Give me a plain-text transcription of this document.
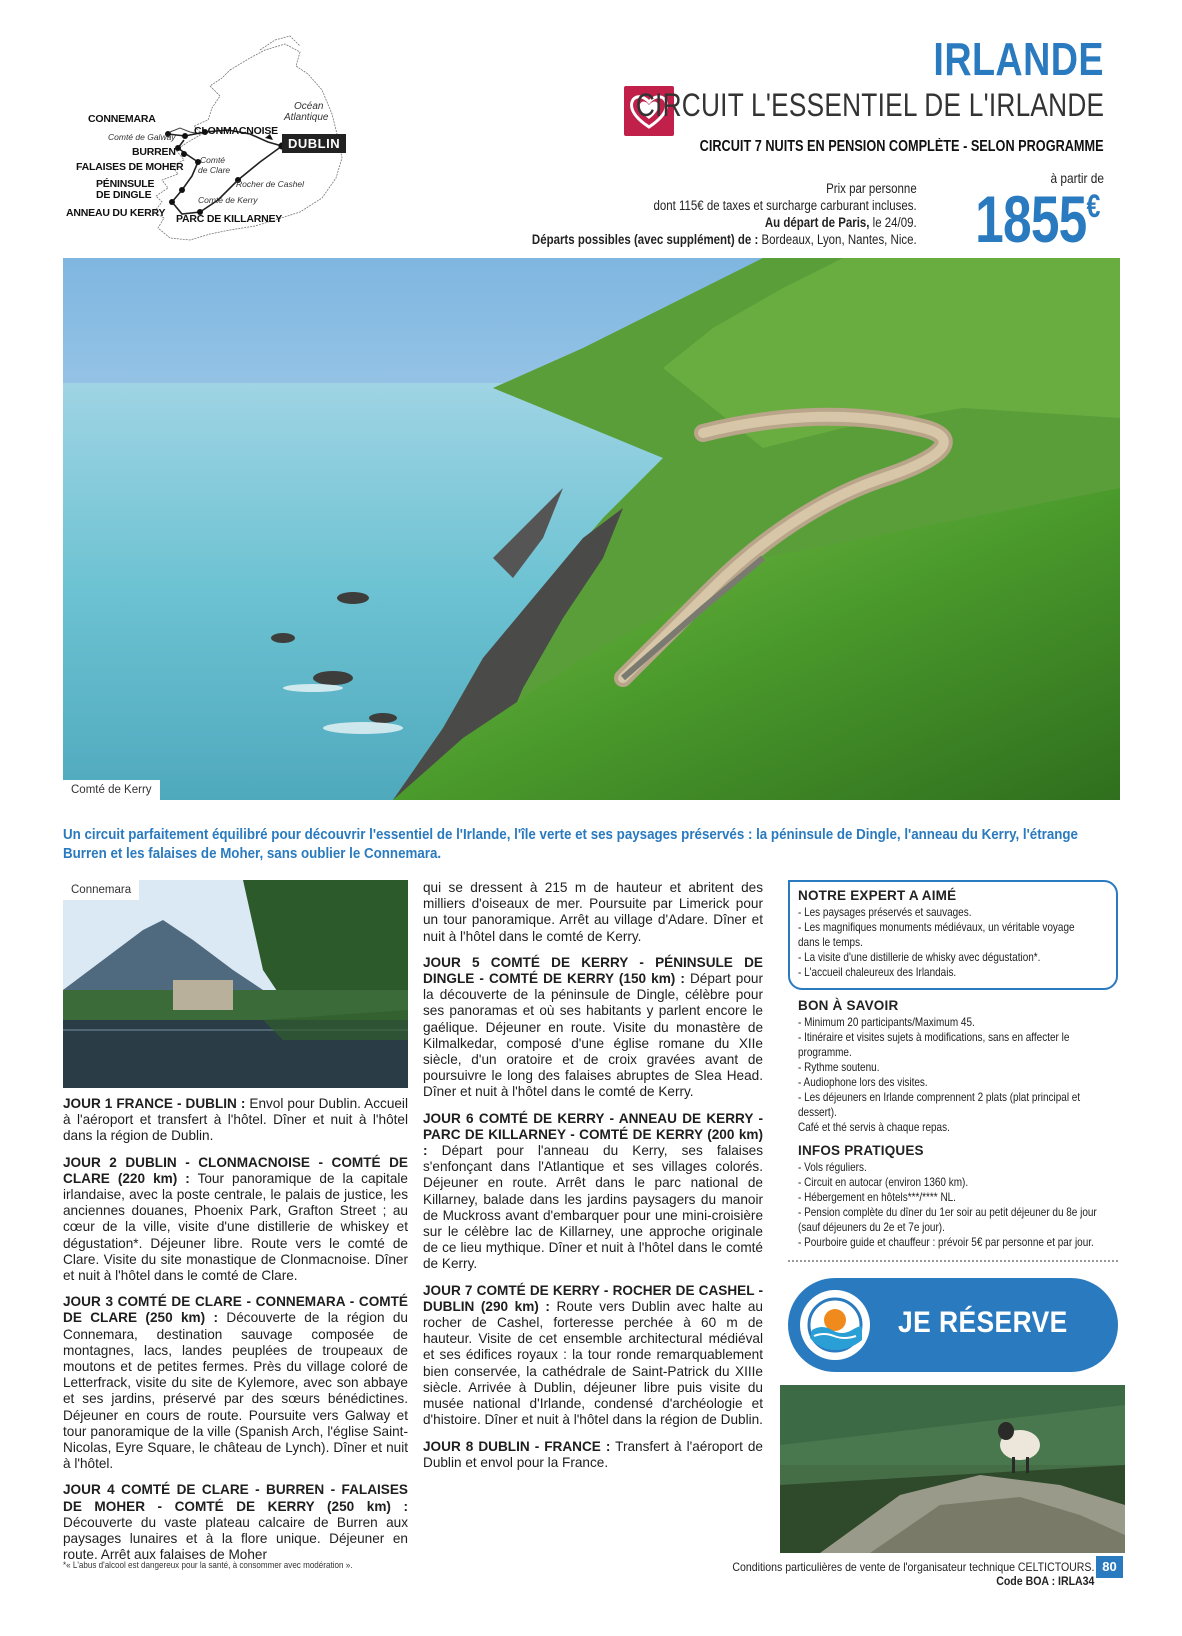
CONNEMARA
Comté de Galway CLONMACNOISE
BURREN
FALAISES DE MOHER
Comté
de Clare
PÉNINSULE
DE DINGLE
Rocher de Cashel
Comté de Kerry
ANNEAU DU KERRY PARC DE KILLARNEY
Océan
Atlantique
DUBLIN
IRLANDE
CIRCUIT L'ESSENTIEL DE L'IRLANDE
CIRCUIT 7 NUITS EN PENSION COMPLÈTE - SELON PROGRAMME
Prix par personne
dont 115€ de taxes et surcharge carburant incluses.
Au départ de Paris, le 24/09.
Départs possibles (avec supplément) de : Bordeaux, Lyon, Nantes, Nice.
à partir de
1855€
Comté de Kerry
Un circuit parfaitement équilibré pour découvrir l'essentiel de l'Irlande, l'île verte et ses paysages préservés : la péninsule de Dingle, l'anneau du Kerry, l'étrange Burren et les falaises de Moher, sans oublier le Connemara.
Connemara

JOUR 1 FRANCE - DUBLIN : Envol pour Dublin. Accueil à l'aéroport et transfert à l'hôtel. Dîner et nuit à l'hôtel dans la région de Dublin.

JOUR 2 DUBLIN - CLONMACNOISE - COMTÉ DE CLARE (220 km) : Tour panoramique de la capitale irlandaise, avec la poste centrale, le palais de justice, les anciennes douanes, Phoenix Park, Grafton Street ; au cœur de la ville, visite d'une distillerie de whiskey et dégustation*. Déjeuner libre. Route vers le comté de Clare. Visite du site monastique de Clonmacnoise. Dîner et nuit à l'hôtel dans le comté de Clare.

JOUR 3 COMTÉ DE CLARE - CONNEMARA - COMTÉ DE CLARE (250 km) : Découverte de la région du Connemara, destination sauvage composée de montagnes, lacs, landes peuplées de troupeaux de moutons et de petites fermes. Près du village coloré de Letterfrack, visite du site de Kylemore, avec son abbaye et ses jardins, préservé par des sœurs bénédictines. Déjeuner en cours de route. Poursuite vers Galway et tour panoramique de la ville (Spanish Arch, l'église Saint-Nicolas, Eyre Square, le château de Lynch). Dîner et nuit à l'hôtel.

JOUR 4 COMTÉ DE CLARE - BURREN - FALAISES DE MOHER - COMTÉ DE KERRY (250 km) : Découverte du vaste plateau calcaire de Burren aux paysages lunaires et à la flore unique. Déjeuner en route. Arrêt aux falaises de Moher

qui se dressent à 215 m de hauteur et abritent des milliers d'oiseaux de mer. Poursuite par Limerick pour un tour panoramique. Arrêt au village d'Adare. Dîner et nuit à l'hôtel dans le comté de Kerry.

JOUR 5 COMTÉ DE KERRY - PÉNINSULE DE DINGLE - COMTÉ DE KERRY (150 km) : Départ pour la découverte de la péninsule de Dingle, célèbre pour ses panoramas et où ses habitants y parlent encore le gaélique. Déjeuner en route. Visite du monastère de Kilmalkedar, composé d'une église romane du XIIe siècle, d'un oratoire et de croix gravées avant de poursuivre le long des falaises abruptes de Slea Head. Dîner et nuit à l'hôtel dans le comté de Kerry.

JOUR 6 COMTÉ DE KERRY - ANNEAU DE KERRY - PARC DE KILLARNEY - COMTÉ DE KERRY (200 km) : Départ pour l'anneau du Kerry, ses falaises s'enfonçant dans l'Atlantique et ses villages colorés. Déjeuner en route. Arrêt dans le parc national de Killarney, balade dans les jardins paysagers du manoir de Muckross avant d'embarquer pour une mini-croisière sur le célèbre lac de Killarney, une approche originale de ce lieu mythique. Dîner et nuit à l'hôtel dans le comté de Kerry.

JOUR 7 COMTÉ DE KERRY - ROCHER DE CASHEL - DUBLIN (290 km) : Route vers Dublin avec halte au rocher de Cashel, forteresse perchée à 60 m de hauteur. Visite de cet ensemble architectural médiéval et ses édifices royaux : la tour ronde remarquablement bien conservée, la cathédrale de Saint-Patrick du XIIIe siècle. Arrivée à Dublin, déjeuner libre puis visite du musée national d'Irlande, condensé d'archéologie et d'histoire. Dîner et nuit à l'hôtel dans la région de Dublin.

JOUR 8 DUBLIN - FRANCE : Transfert à l'aéroport de Dublin et envol pour la France.

NOTRE EXPERT A AIMÉ
- Les paysages préservés et sauvages.
- Les magnifiques monuments médiévaux, un véritable voyage
dans le temps.
- La visite d'une distillerie de whisky avec dégustation*.
- L'accueil chaleureux des Irlandais.
BON À SAVOIR
- Minimum 20 participants/Maximum 45.
- Itinéraire et visites sujets à modifications, sans en affecter le programme.
- Rythme soutenu.
- Audiophone lors des visites.
- Les déjeuners en Irlande comprennent 2 plats (plat principal et dessert).
Café et thé servis à chaque repas.
INFOS PRATIQUES
- Vols réguliers.
- Circuit en autocar (environ 1360 km).
- Hébergement en hôtels***/**** NL.
- Pension complète du dîner du 1er soir au petit déjeuner du 8e jour
(sauf déjeuners du 2e et 7e jour).
- Pourboire guide et chauffeur : prévoir 5€ par personne et par jour.
JE RÉSERVE
*« L'abus d'alcool est dangereux pour la santé, à consommer avec modération ».	Conditions particulières de vente de l'organisateur technique CELTICTOURS.
Code BOA : IRLA34
80
